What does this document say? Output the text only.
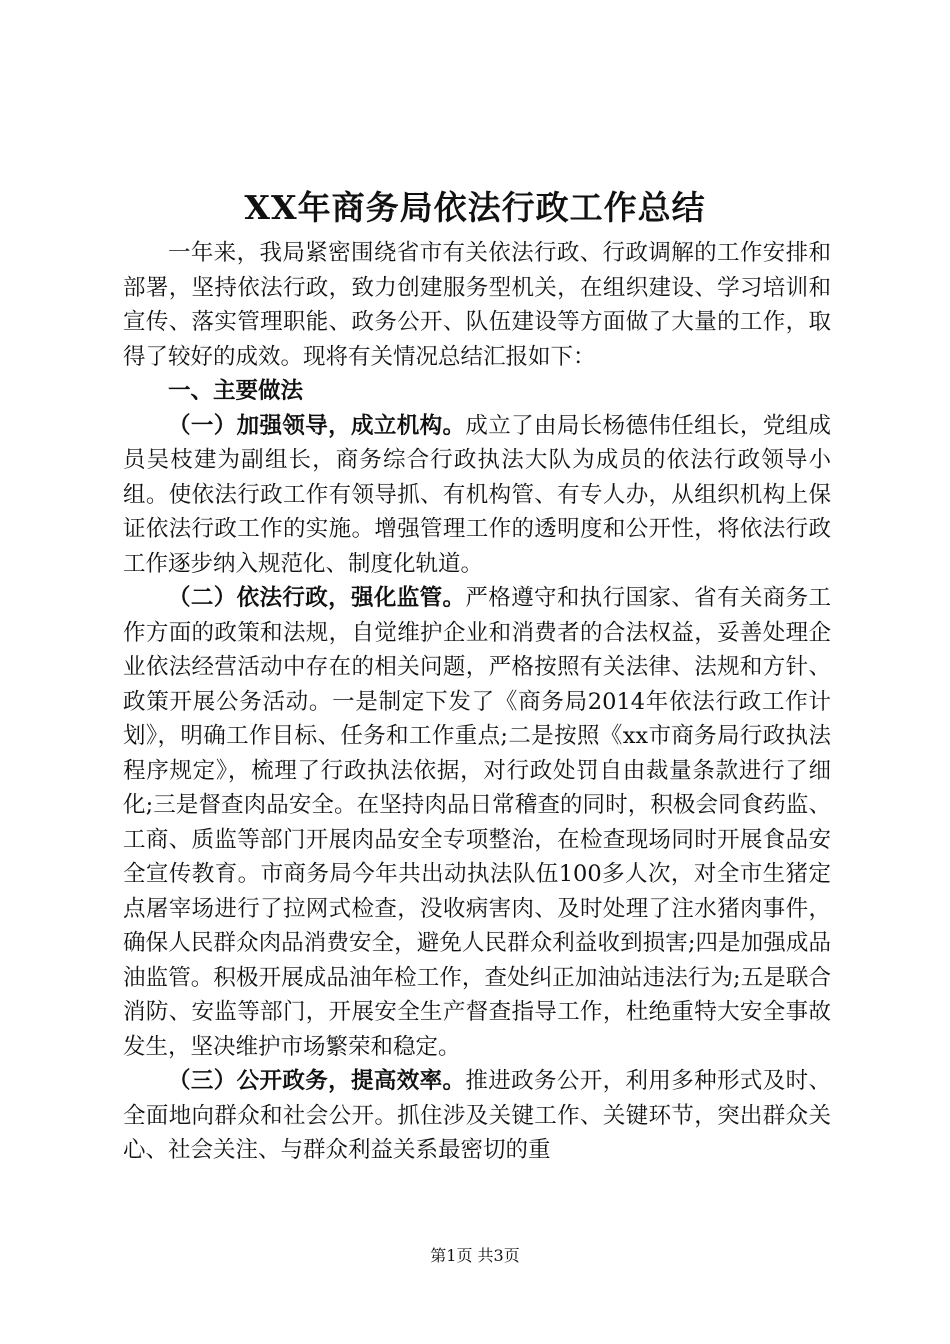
XX年商务局依法行政工作总结

一年来，我局紧密围绕省市有关依法行政、行政调解的工作安排和部署，坚持依法行政，致力创建服务型机关，在组织建设、学习培训和宣传、落实管理职能、政务公开、队伍建设等方面做了大量的工作，取得了较好的成效。现将有关情况总结汇报如下：

一、主要做法

（一）加强领导，成立机构。成立了由局长杨德伟任组长，党组成员吴枝建为副组长，商务综合行政执法大队为成员的依法行政领导小组。使依法行政工作有领导抓、有机构管、有专人办，从组织机构上保证依法行政工作的实施。增强管理工作的透明度和公开性，将依法行政工作逐步纳入规范化、制度化轨道。

（二）依法行政，强化监管。严格遵守和执行国家、省有关商务工作方面的政策和法规，自觉维护企业和消费者的合法权益，妥善处理企业依法经营活动中存在的相关问题，严格按照有关法律、法规和方针、政策开展公务活动。一是制定下发了《商务局2014年依法行政工作计划》，明确工作目标、任务和工作重点;二是按照《xx市商务局行政执法程序规定》，梳理了行政执法依据，对行政处罚自由裁量条款进行了细化;三是督查肉品安全。在坚持肉品日常稽查的同时，积极会同食药监、工商、质监等部门开展肉品安全专项整治，在检查现场同时开展食品安全宣传教育。市商务局今年共出动执法队伍100多人次，对全市生猪定点屠宰场进行了拉网式检查，没收病害肉、及时处理了注水猪肉事件，确保人民群众肉品消费安全，避免人民群众利益收到损害;四是加强成品油监管。积极开展成品油年检工作，查处纠正加油站违法行为;五是联合消防、安监等部门，开展安全生产督查指导工作，杜绝重特大安全事故发生，坚决维护市场繁荣和稳定。

（三）公开政务，提高效率。推进政务公开，利用多种形式及时、全面地向群众和社会公开。抓住涉及关键工作、关键环节，突出群众关心、社会关注、与群众利益关系最密切的重

第1页 共3页
